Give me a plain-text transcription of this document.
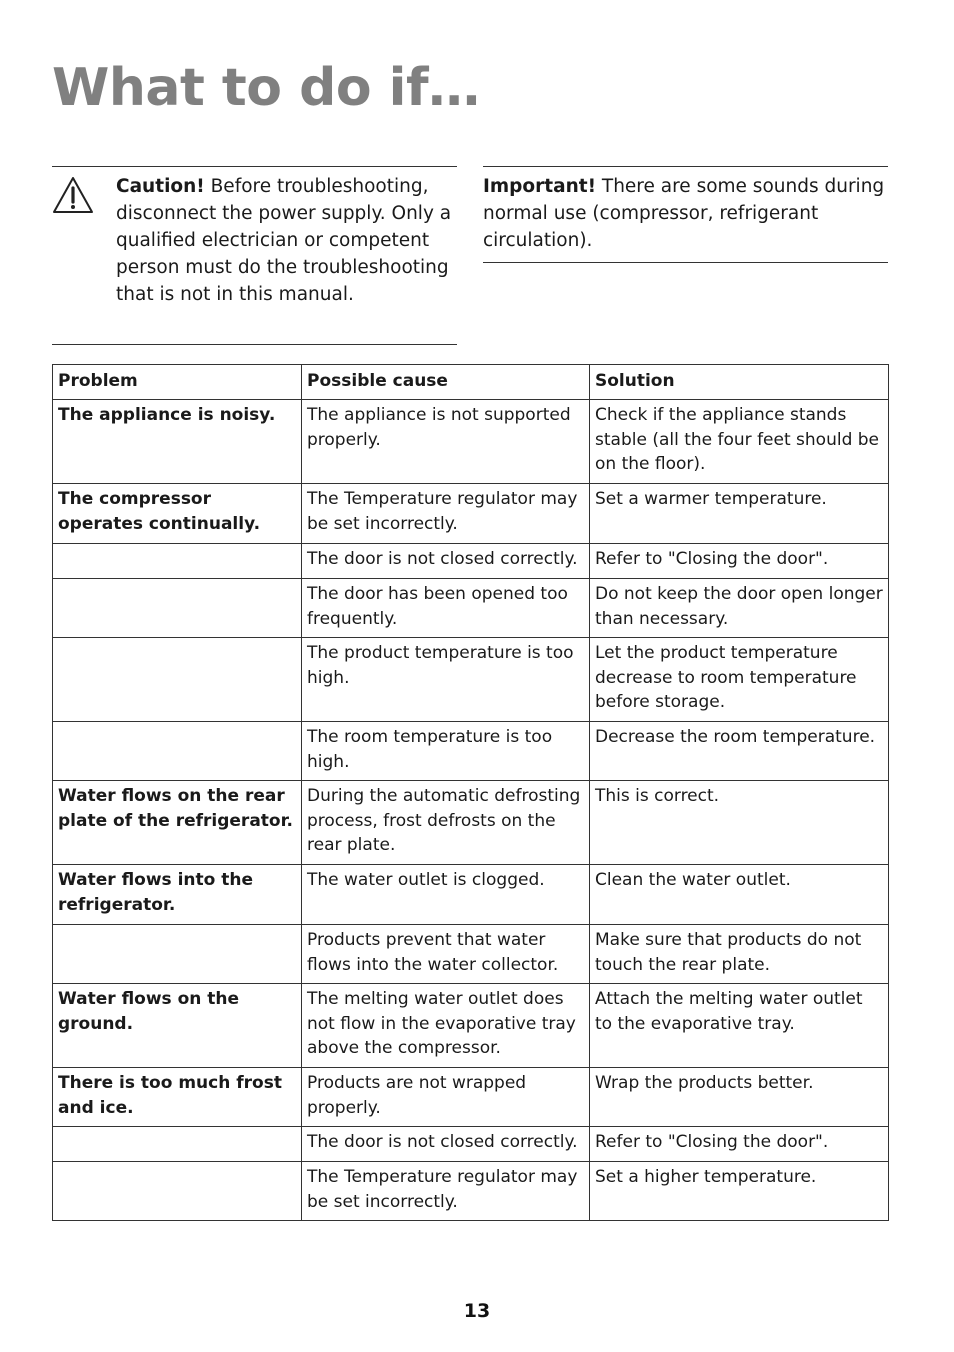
What to do if…
Caution! Before troubleshooting, disconnect the power supply. Only a qualified electrician or competent person must do the troubleshooting that is not in this manual.
Important! There are some sounds during normal use (compressor, refrigerant circulation).
Problem	Possible cause	Solution
The appliance is noisy.	The appliance is not supported properly.	Check if the appliance stands stable (all the four feet should be on the floor).
The compressor operates continually.	The Temperature regulator may be set incorrectly.	Set a warmer temperature.
	The door is not closed correctly.	Refer to "Closing the door".
	The door has been opened too frequently.	Do not keep the door open longer than necessary.
	The product temperature is too high.	Let the product temperature decrease to room temperature before storage.
	The room temperature is too high.	Decrease the room temperature.
Water flows on the rear plate of the refrigerator.	During the automatic defrosting process, frost defrosts on the rear plate.	This is correct.
Water flows into the refrigerator.	The water outlet is clogged.	Clean the water outlet.
	Products prevent that water flows into the water collector.	Make sure that products do not touch the rear plate.
Water flows on the ground.	The melting water outlet does not flow in the evaporative tray above the compressor.	Attach the melting water outlet to the evaporative tray.
There is too much frost and ice.	Products are not wrapped properly.	Wrap the products better.
	The door is not closed correctly.	Refer to "Closing the door".
	The Temperature regulator may be set incorrectly.	Set a higher temperature.
13
